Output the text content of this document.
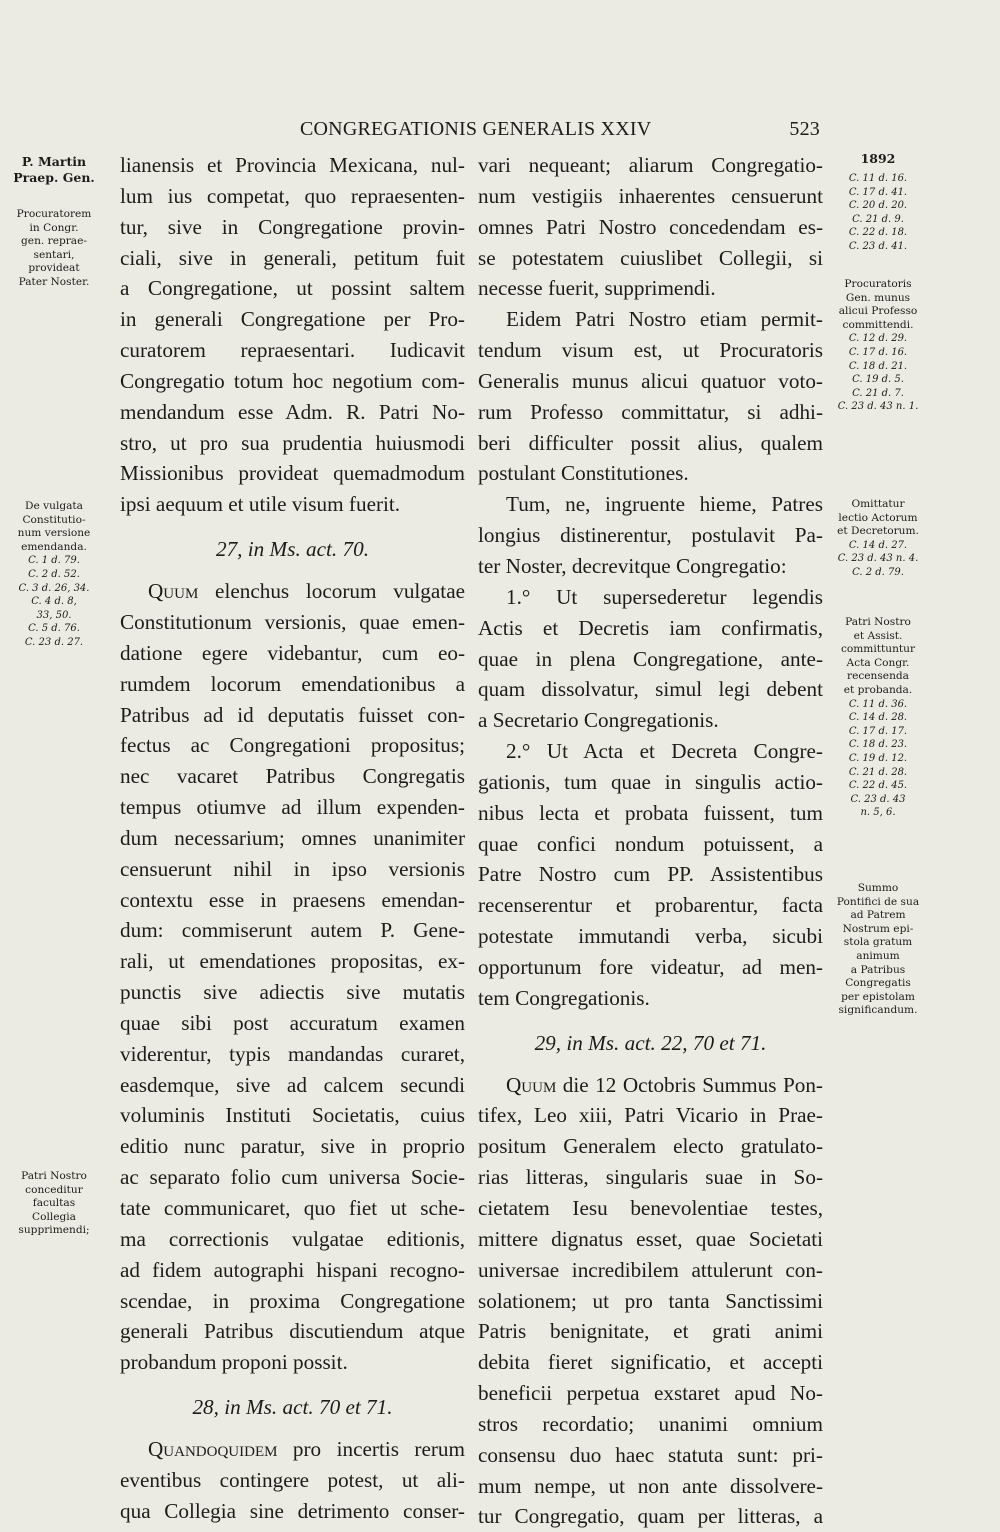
CONGREGATIONIS GENERALIS XXIV	523
P. Martin
Praep. Gen.
Procuratorem
in Congr.
gen. reprae-
sentari,
provideat
Pater Noster.
De vulgata
Constitutio-
num versione
emendanda.
C. 1 d. 79.
C. 2 d. 52.
C. 3 d. 26, 34.
C. 4 d. 8,
33, 50.
C. 5 d. 76.
C. 23 d. 27.
Patri Nostro
conceditur
facultas
Collegia
supprimendi;
1892
C. 11 d. 16.
C. 17 d. 41.
C. 20 d. 20.
C. 21 d. 9.
C. 22 d. 18.
C. 23 d. 41.
Procuratoris
Gen. munus
alicui Professo
committendi.
C. 12 d. 29.
C. 17 d. 16.
C. 18 d. 21.
C. 19 d. 5.
C. 21 d. 7.
C. 23 d. 43 n. 1.
Omittatur
lectio Actorum
et Decretorum.
C. 14 d. 27.
C. 23 d. 43 n. 4.
C. 2 d. 79.
Patri Nostro
et Assist.
committuntur
Acta Congr.
recensenda
et probanda.
C. 11 d. 36.
C. 14 d. 28.
C. 17 d. 17.
C. 18 d. 23.
C. 19 d. 12.
C. 21 d. 28.
C. 22 d. 45.
C. 23 d. 43
n. 5, 6.
Summo
Pontifici de sua
ad Patrem
Nostrum epi-
stola gratum
animum
a Patribus
Congregatis
per epistolam
significandum.

lianensis et Provincia Mexicana, nul-
lum ius competat, quo repraesenten-
tur, sive in Congregatione provin-
ciali, sive in generali, petitum fuit
a Congregatione, ut possint saltem
in generali Congregatione per Pro-
curatorem repraesentari. Iudicavit
Congregatio totum hoc negotium com-
mendandum esse Adm. R. Patri No-
stro, ut pro sua prudentia huiusmodi
Missionibus provideat quemadmodum
ipsi aequum et utile visum fuerit.

27, in Ms. act. 70.

Quum elenchus locorum vulgatae
Constitutionum versionis, quae emen-
datione egere videbantur, cum eo-
rumdem locorum emendationibus a
Patribus ad id deputatis fuisset con-
fectus ac Congregationi propositus;
nec vacaret Patribus Congregatis
tempus otiumve ad illum expenden-
dum necessarium; omnes unanimiter
censuerunt nihil in ipso versionis
contextu esse in praesens emendan-
dum: commiserunt autem P. Gene-
rali, ut emendationes propositas, ex-
punctis sive adiectis sive mutatis
quae sibi post accuratum examen
viderentur, typis mandandas curaret,
easdemque, sive ad calcem secundi
voluminis Instituti Societatis, cuius
editio nunc paratur, sive in proprio
ac separato folio cum universa Socie-
tate communicaret, quo fiet ut sche-
ma correctionis vulgatae editionis,
ad fidem autographi hispani recogno-
scendae, in proxima Congregatione
generali Patribus discutiendum atque
probandum proponi possit.

28, in Ms. act. 70 et 71.

Quandoquidem pro incertis rerum
eventibus contingere potest, ut ali-
qua Collegia sine detrimento conser-

vari nequeant; aliarum Congregatio-
num vestigiis inhaerentes censuerunt
omnes Patri Nostro concedendam es-
se potestatem cuiuslibet Collegii, si
necesse fuerit, supprimendi.

Eidem Patri Nostro etiam permit-
tendum visum est, ut Procuratoris
Generalis munus alicui quatuor voto-
rum Professo committatur, si adhi-
beri difficulter possit alius, qualem
postulant Constitutiones.

Tum, ne, ingruente hieme, Patres
longius distinerentur, postulavit Pa-
ter Noster, decrevitque Congregatio:

1.° Ut supersederetur legendis
Actis et Decretis iam confirmatis,
quae in plena Congregatione, ante-
quam dissolvatur, simul legi debent
a Secretario Congregationis.

2.° Ut Acta et Decreta Congre-
gationis, tum quae in singulis actio-
nibus lecta et probata fuissent, tum
quae confici nondum potuissent, a
Patre Nostro cum PP. Assistentibus
recenserentur et probarentur, facta
potestate immutandi verba, sicubi
opportunum fore videatur, ad men-
tem Congregationis.

29, in Ms. act. 22, 70 et 71.

Quum die 12 Octobris Summus Pon-
tifex, Leo xiii, Patri Vicario in Prae-
positum Generalem electo gratulato-
rias litteras, singularis suae in So-
cietatem Iesu benevolentiae testes,
mittere dignatus esset, quae Societati
universae incredibilem attulerunt con-
solationem; ut pro tanta Sanctissimi
Patris benignitate, et grati animi
debita fieret significatio, et accepti
beneficii perpetua exstaret apud No-
stros recordatio; unanimi omnium
consensu duo haec statuta sunt: pri-
mum nempe, ut non ante dissolvere-
tur Congregatio, quam per litteras, a
